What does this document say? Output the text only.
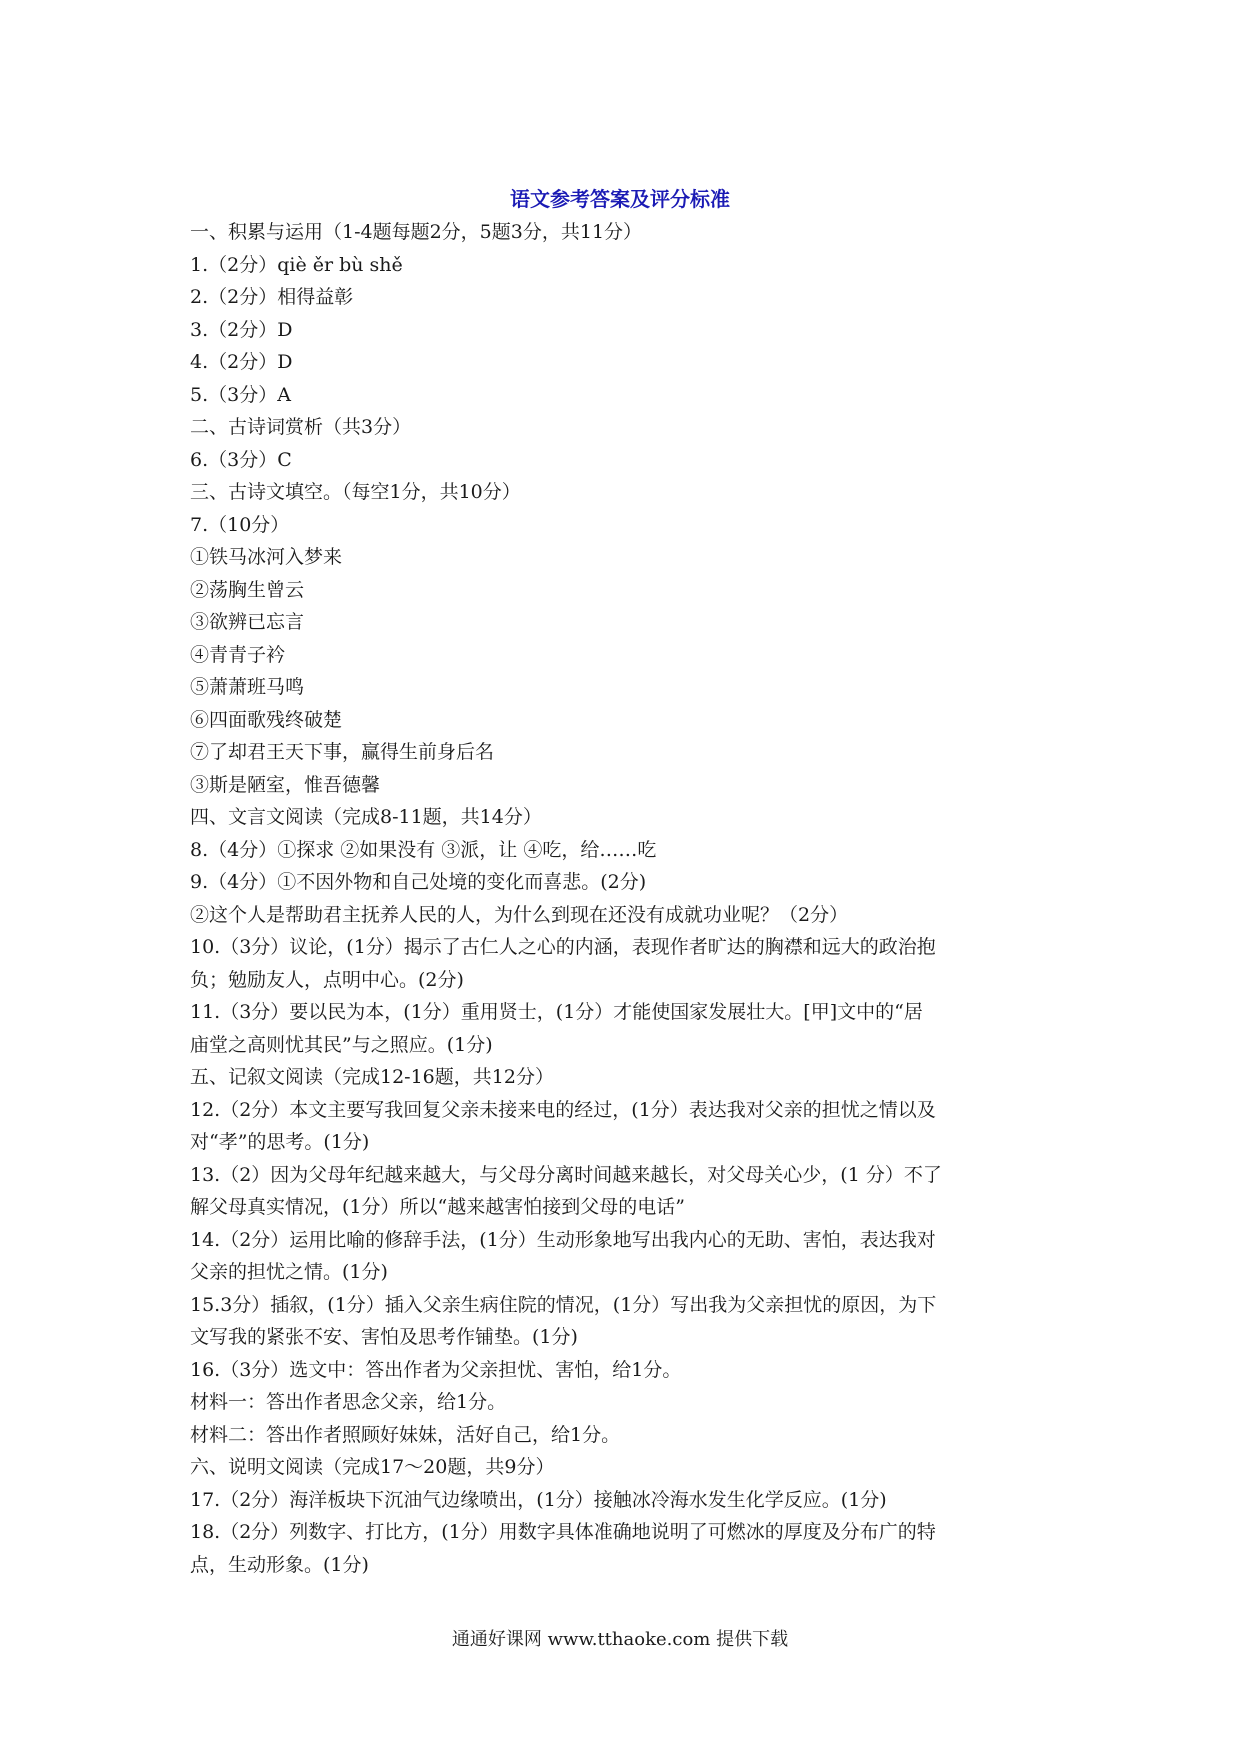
语文参考答案及评分标准
一、积累与运用（1-4题每题2分，5题3分，共11分）
1.（2分）qiè ěr bù shě
2.（2分）相得益彰
3.（2分）D
4.（2分）D
5.（3分）A
二、古诗词赏析（共3分）
6.（3分）C
三、古诗文填空。（每空1分，共10分）
7.（10分）
①铁马冰河入梦来
②荡胸生曾云
③欲辨已忘言
④青青子衿
⑤萧萧班马鸣
⑥四面歌残终破楚
⑦了却君王天下事，赢得生前身后名
③斯是陋室，惟吾德馨
四、文言文阅读（完成8-11题，共14分）
8.（4分）①探求 ②如果没有 ③派，让 ④吃，给……吃
9.（4分）①不因外物和自己处境的变化而喜悲。(2分)
②这个人是帮助君主抚养人民的人，为什么到现在还没有成就功业呢？（2分）
10.（3分）议论，(1分）揭示了古仁人之心的内涵，表现作者旷达的胸襟和远大的政治抱
负；勉励友人，点明中心。(2分)
11.（3分）要以民为本，(1分）重用贤士，(1分）才能使国家发展壮大。[甲]文中的“居
庙堂之高则忧其民”与之照应。(1分)
五、记叙文阅读（完成12-16题，共12分）
12.（2分）本文主要写我回复父亲未接来电的经过，(1分）表达我对父亲的担忧之情以及
对“孝”的思考。(1分)
13.（2）因为父母年纪越来越大，与父母分离时间越来越长，对父母关心少，(1 分）不了
解父母真实情况，(1分）所以“越来越害怕接到父母的电话”
14.（2分）运用比喻的修辞手法，(1分）生动形象地写出我内心的无助、害怕，表达我对
父亲的担忧之情。(1分)
15.3分）插叙，(1分）插入父亲生病住院的情况，(1分）写出我为父亲担忧的原因，为下
文写我的紧张不安、害怕及思考作铺垫。(1分)
16.（3分）选文中：答出作者为父亲担忧、害怕，给1分。
材料一：答出作者思念父亲，给1分。
材料二：答出作者照顾好妹妹，活好自己，给1分。
六、说明文阅读（完成17～20题，共9分）
17.（2分）海洋板块下沉油气边缘喷出，(1分）接触冰冷海水发生化学反应。(1分)
18.（2分）列数字、打比方，(1分）用数字具体准确地说明了可燃冰的厚度及分布广的特
点，生动形象。(1分)
通通好课网 www.tthaoke.com 提供下载
